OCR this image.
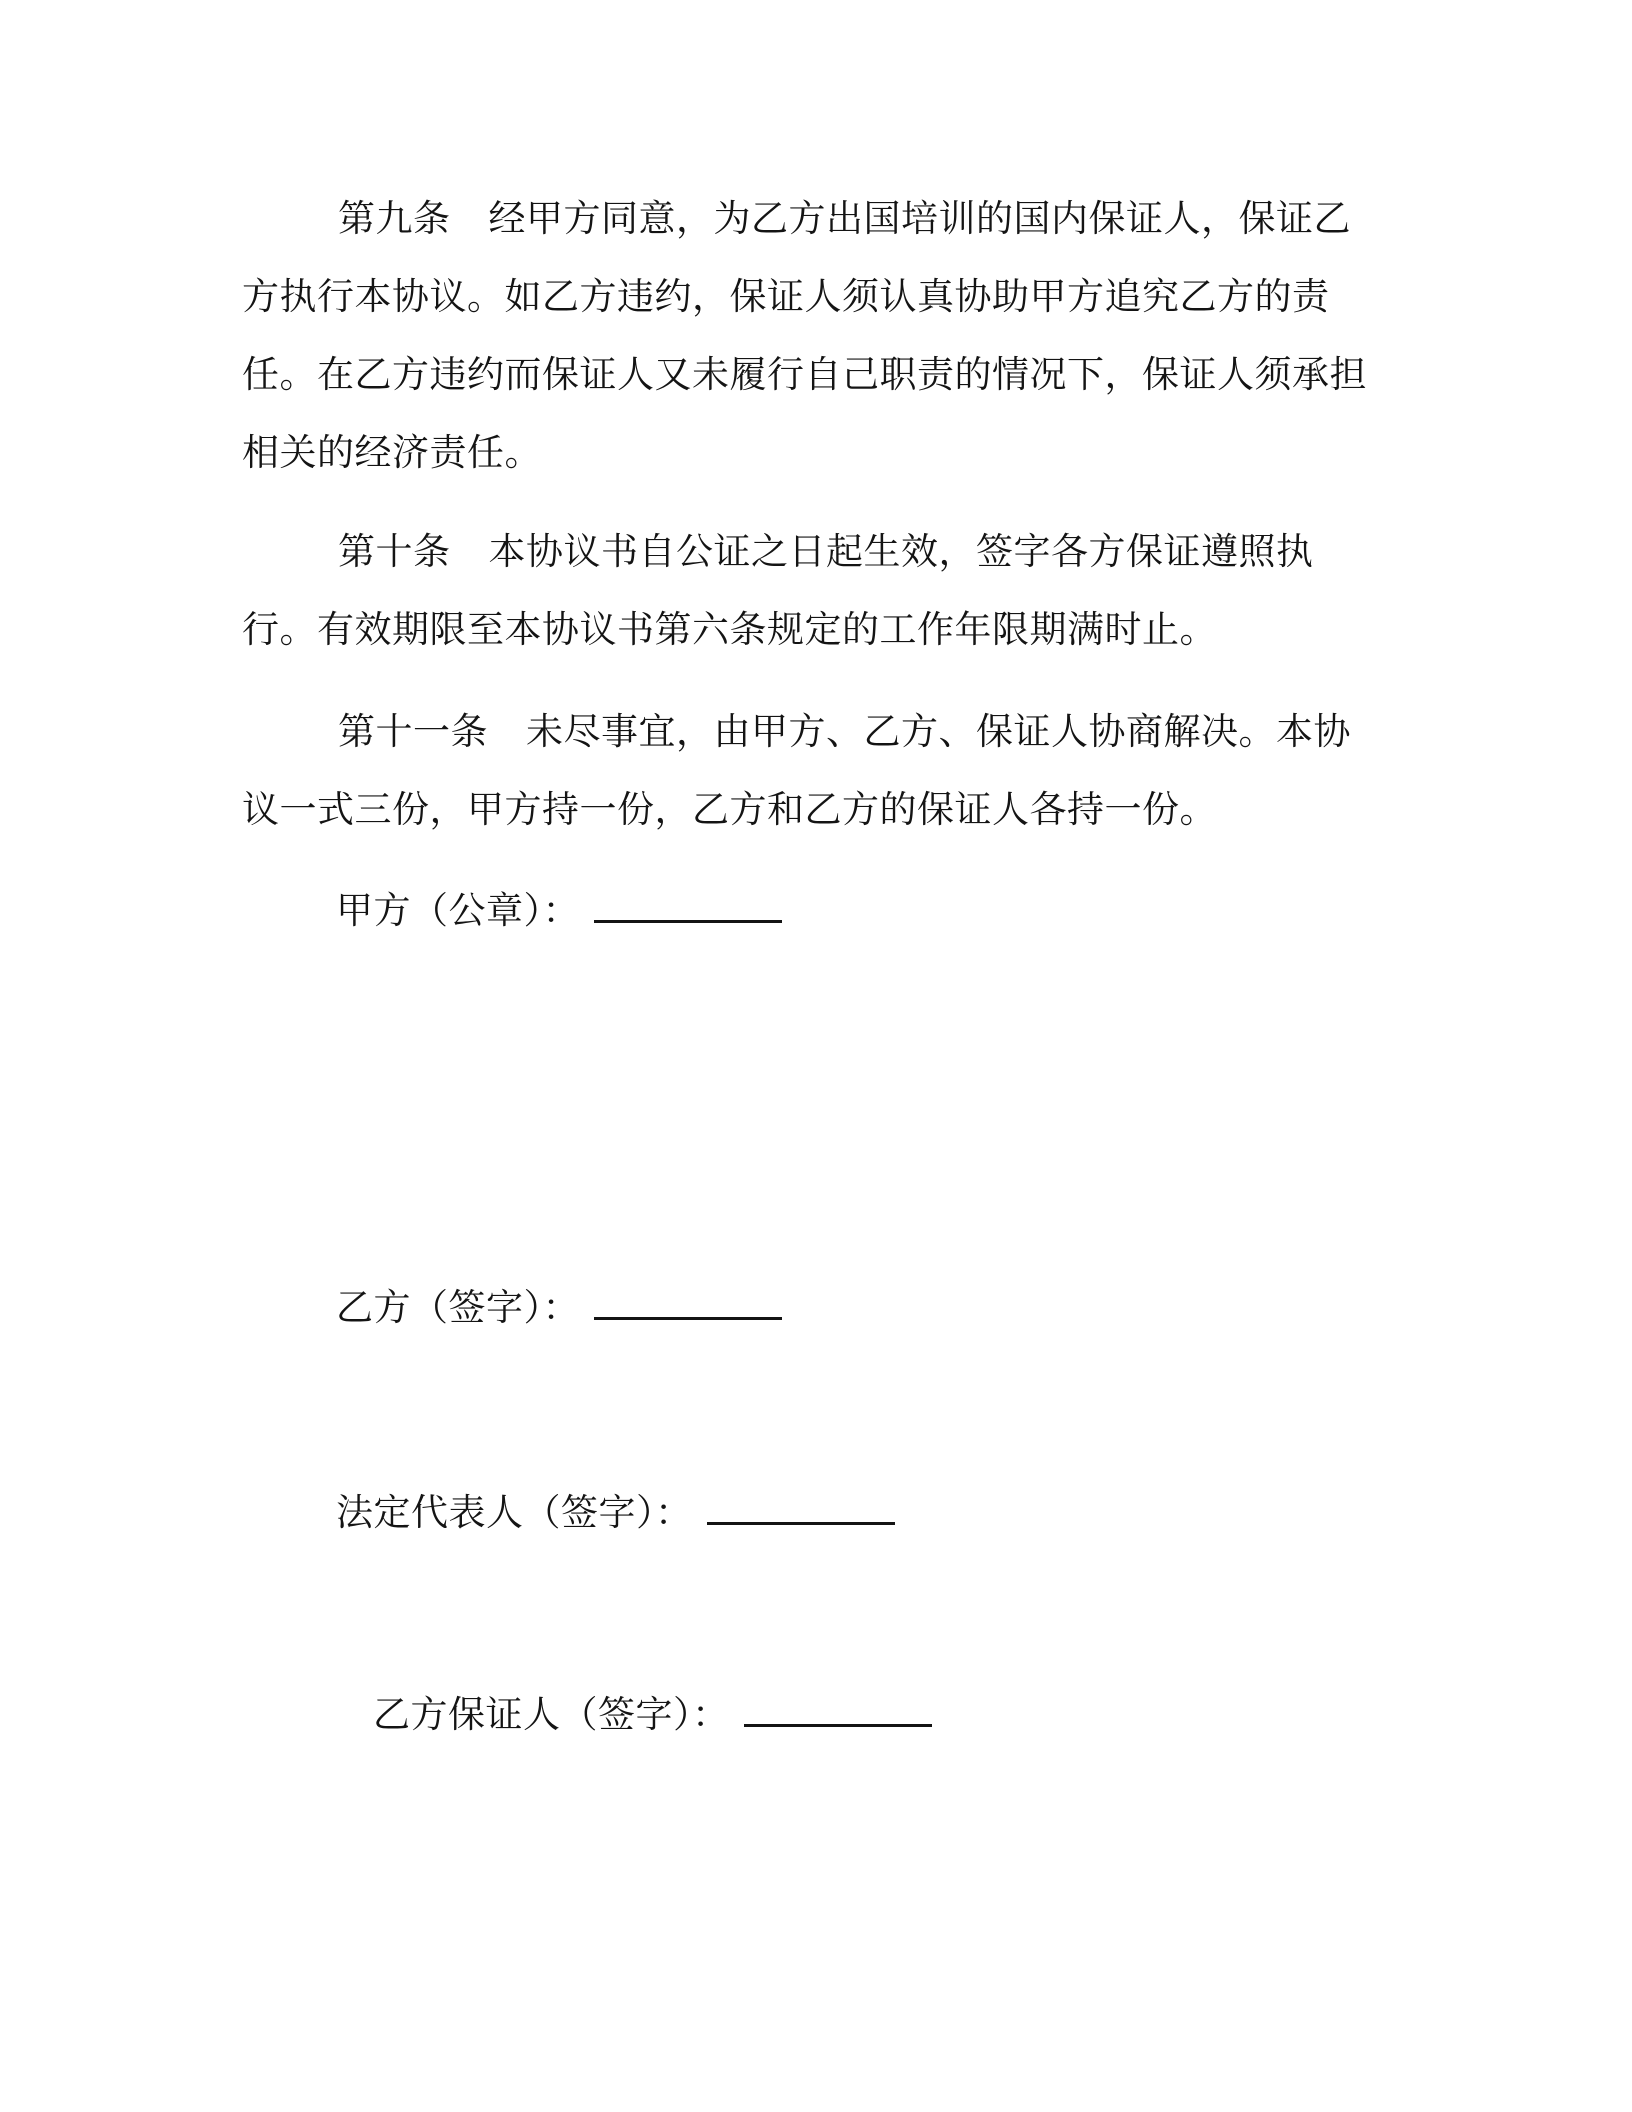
第九条 经甲方同意，为乙方出国培训的国内保证人，保证乙方执行本协议。如乙方违约，保证人须认真协助甲方追究乙方的责任。在乙方违约而保证人又未履行自己职责的情况下，保证人须承担相关的经济责任。

第十条 本协议书自公证之日起生效，签字各方保证遵照执行。有效期限至本协议书第六条规定的工作年限期满时止。

第十一条 未尽事宜，由甲方、乙方、保证人协商解决。本协议一式三份，甲方持一份，乙方和乙方的保证人各持一份。

甲方（公章）：
乙方（签字）：
法定代表人（签字）：
乙方保证人（签字）：
